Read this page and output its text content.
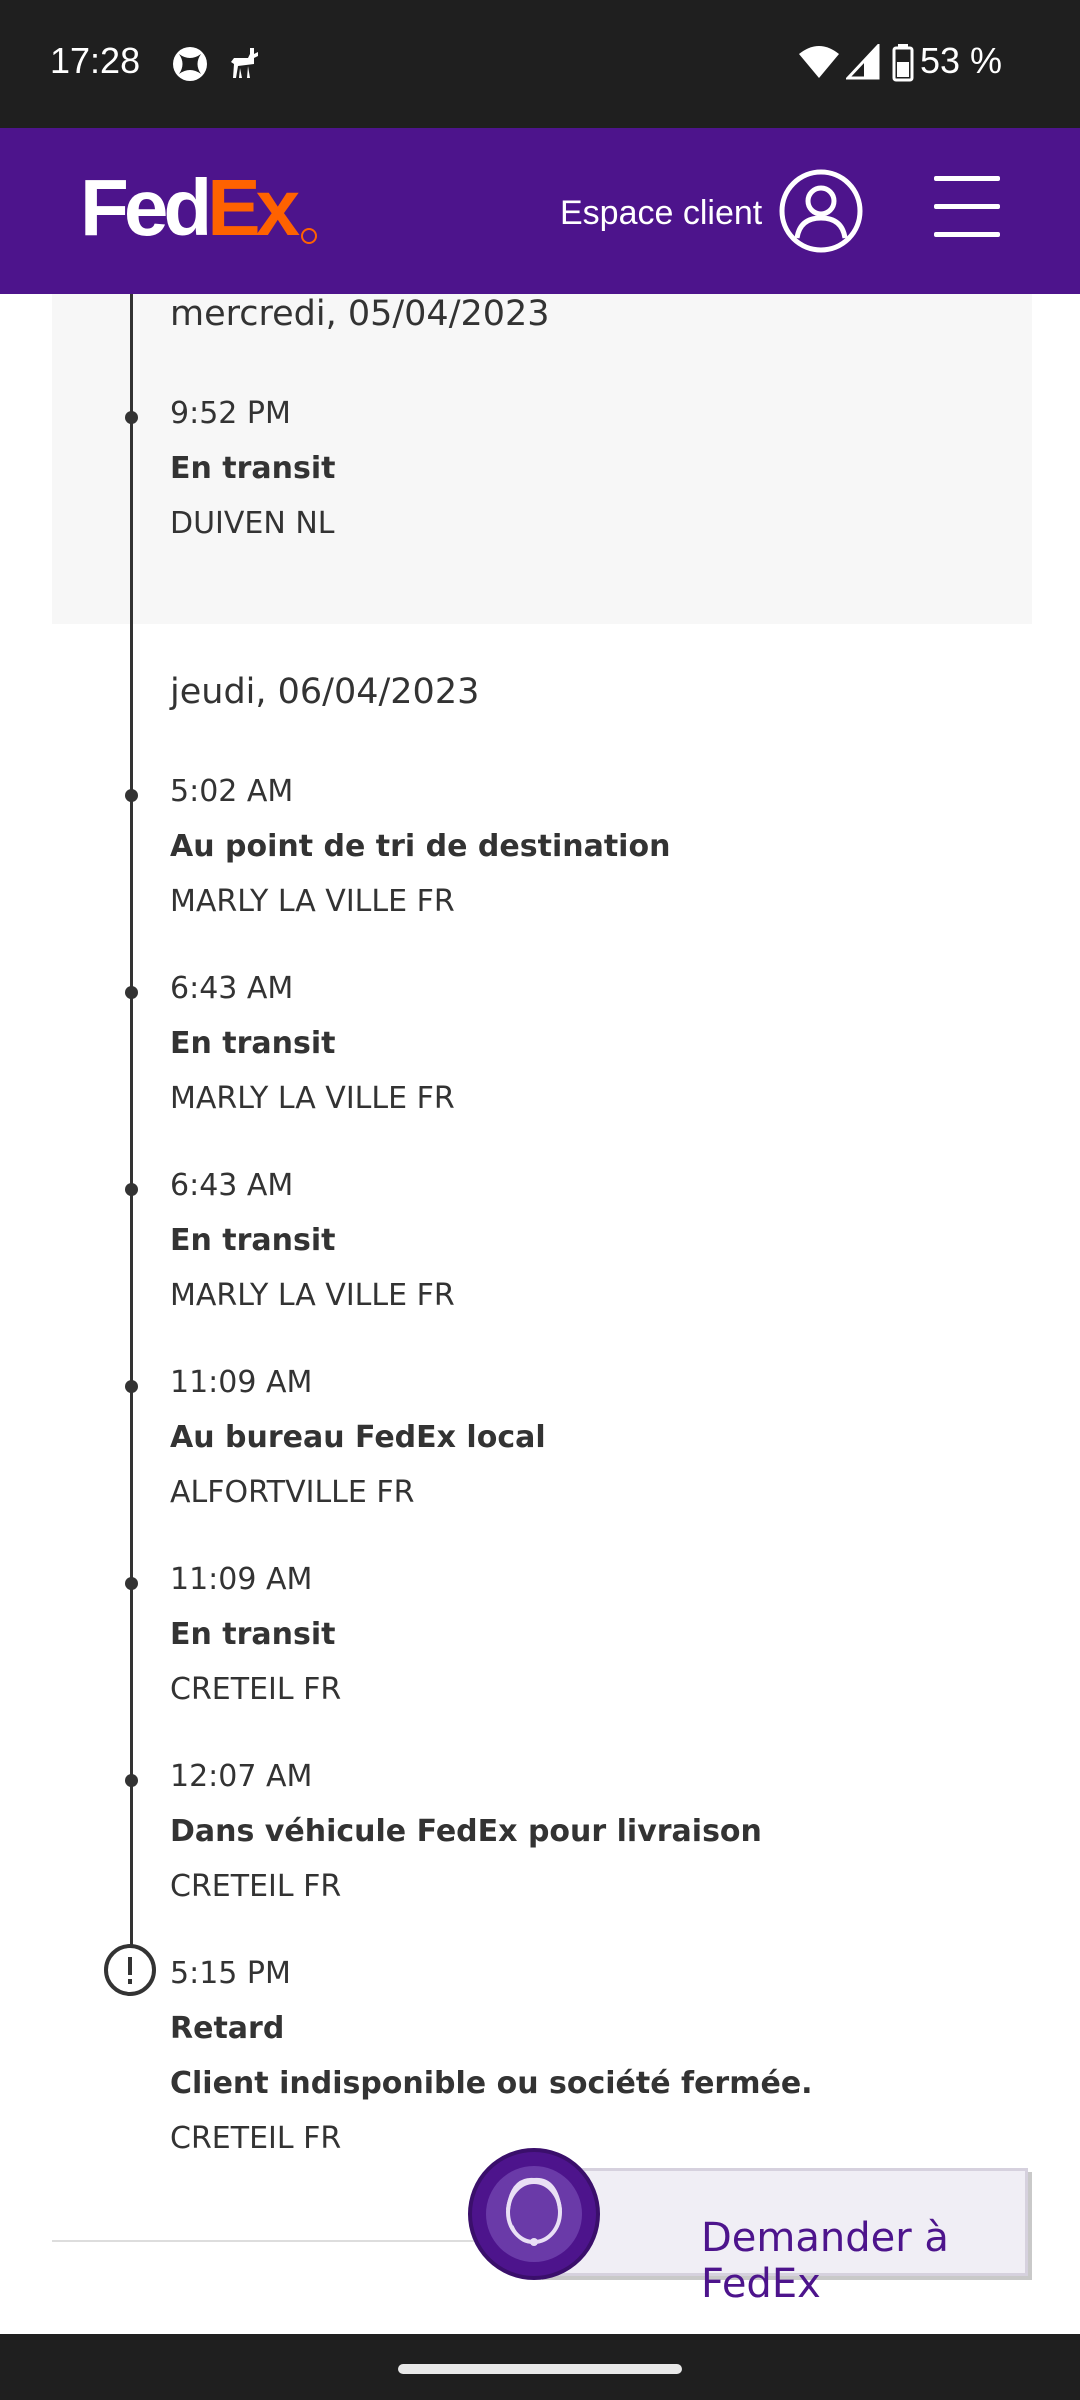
17:28	53 %
FedEx	Espace client
mercredi, 05/04/2023
9:52 PM
En transit
DUIVEN NL
jeudi, 06/04/2023
5:02 AM
Au point de tri de destination
MARLY LA VILLE FR
6:43 AM
En transit
MARLY LA VILLE FR
6:43 AM
En transit
MARLY LA VILLE FR
11:09 AM
Au bureau FedEx local
ALFORTVILLE FR
11:09 AM
En transit
CRETEIL FR
12:07 AM
Dans véhicule FedEx pour livraison
CRETEIL FR
5:15 PM
Retard
Client indisponible ou société fermée.
CRETEIL FR
Demander à FedEx
